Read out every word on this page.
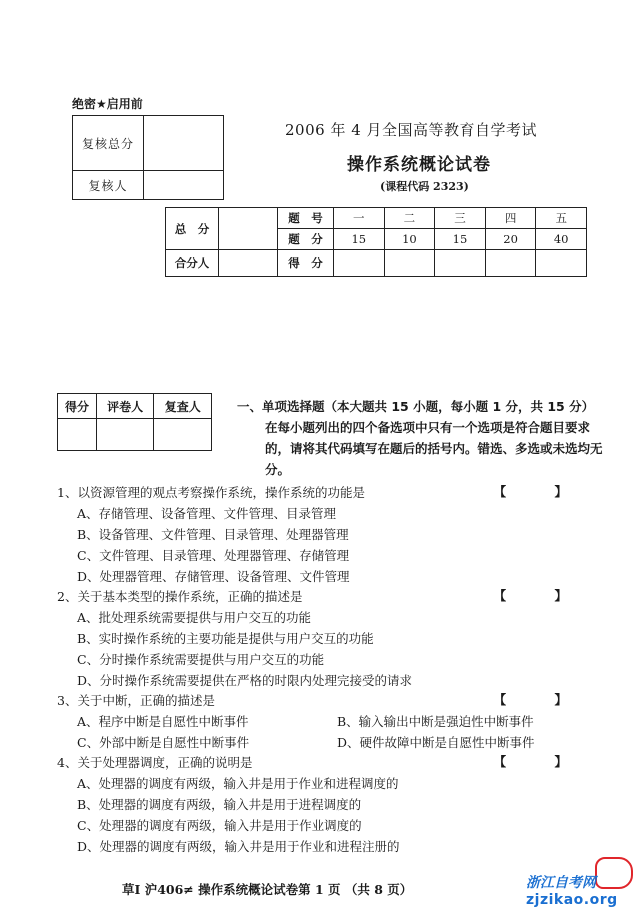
绝密★启用前
复核总分	
复核人	
2006 年 4 月全国高等教育自学考试
操作系统概论试卷
(课程代码 2323)
总　分		题　号	一	二	三	四	五
		题　分	15	10	15	20	40
合分人		得　分					
得分	评卷人	复查人
			一、单项选择题（本大题共 15 小题，每小题 1 分，共 15 分）
在每小题列出的四个备选项中只有一个选项是符合题目要求的，请将其代码填写在题后的括号内。错选、多选或未选均无分。
1、以资源管理的观点考察操作系统，操作系统的功能是	【 】
A、存储管理、设备管理、文件管理、目录管理
B、设备管理、文件管理、目录管理、处理器管理
C、文件管理、目录管理、处理器管理、存储管理
D、处理器管理、存储管理、设备管理、文件管理
2、关于基本类型的操作系统，正确的描述是	【 】
A、批处理系统需要提供与用户交互的功能
B、实时操作系统的主要功能是提供与用户交互的功能
C、分时操作系统需要提供与用户交互的功能
D、分时操作系统需要提供在严格的时限内处理完接受的请求
3、关于中断，正确的描述是	【 】
A、程序中断是自愿性中断事件	B、输入输出中断是强迫性中断事件
C、外部中断是自愿性中断事件	D、硬件故障中断是自愿性中断事件
4、关于处理器调度，正确的说明是	【 】
A、处理器的调度有两级，输入井是用于作业和进程调度的
B、处理器的调度有两级，输入井是用于进程调度的
C、处理器的调度有两级，输入井是用于作业调度的
D、处理器的调度有两级，输入井是用于作业和进程注册的
草I 沪406≠ 操作系统概论试卷第 1 页 （共 8 页）	浙江自考网
zjzikao.org
